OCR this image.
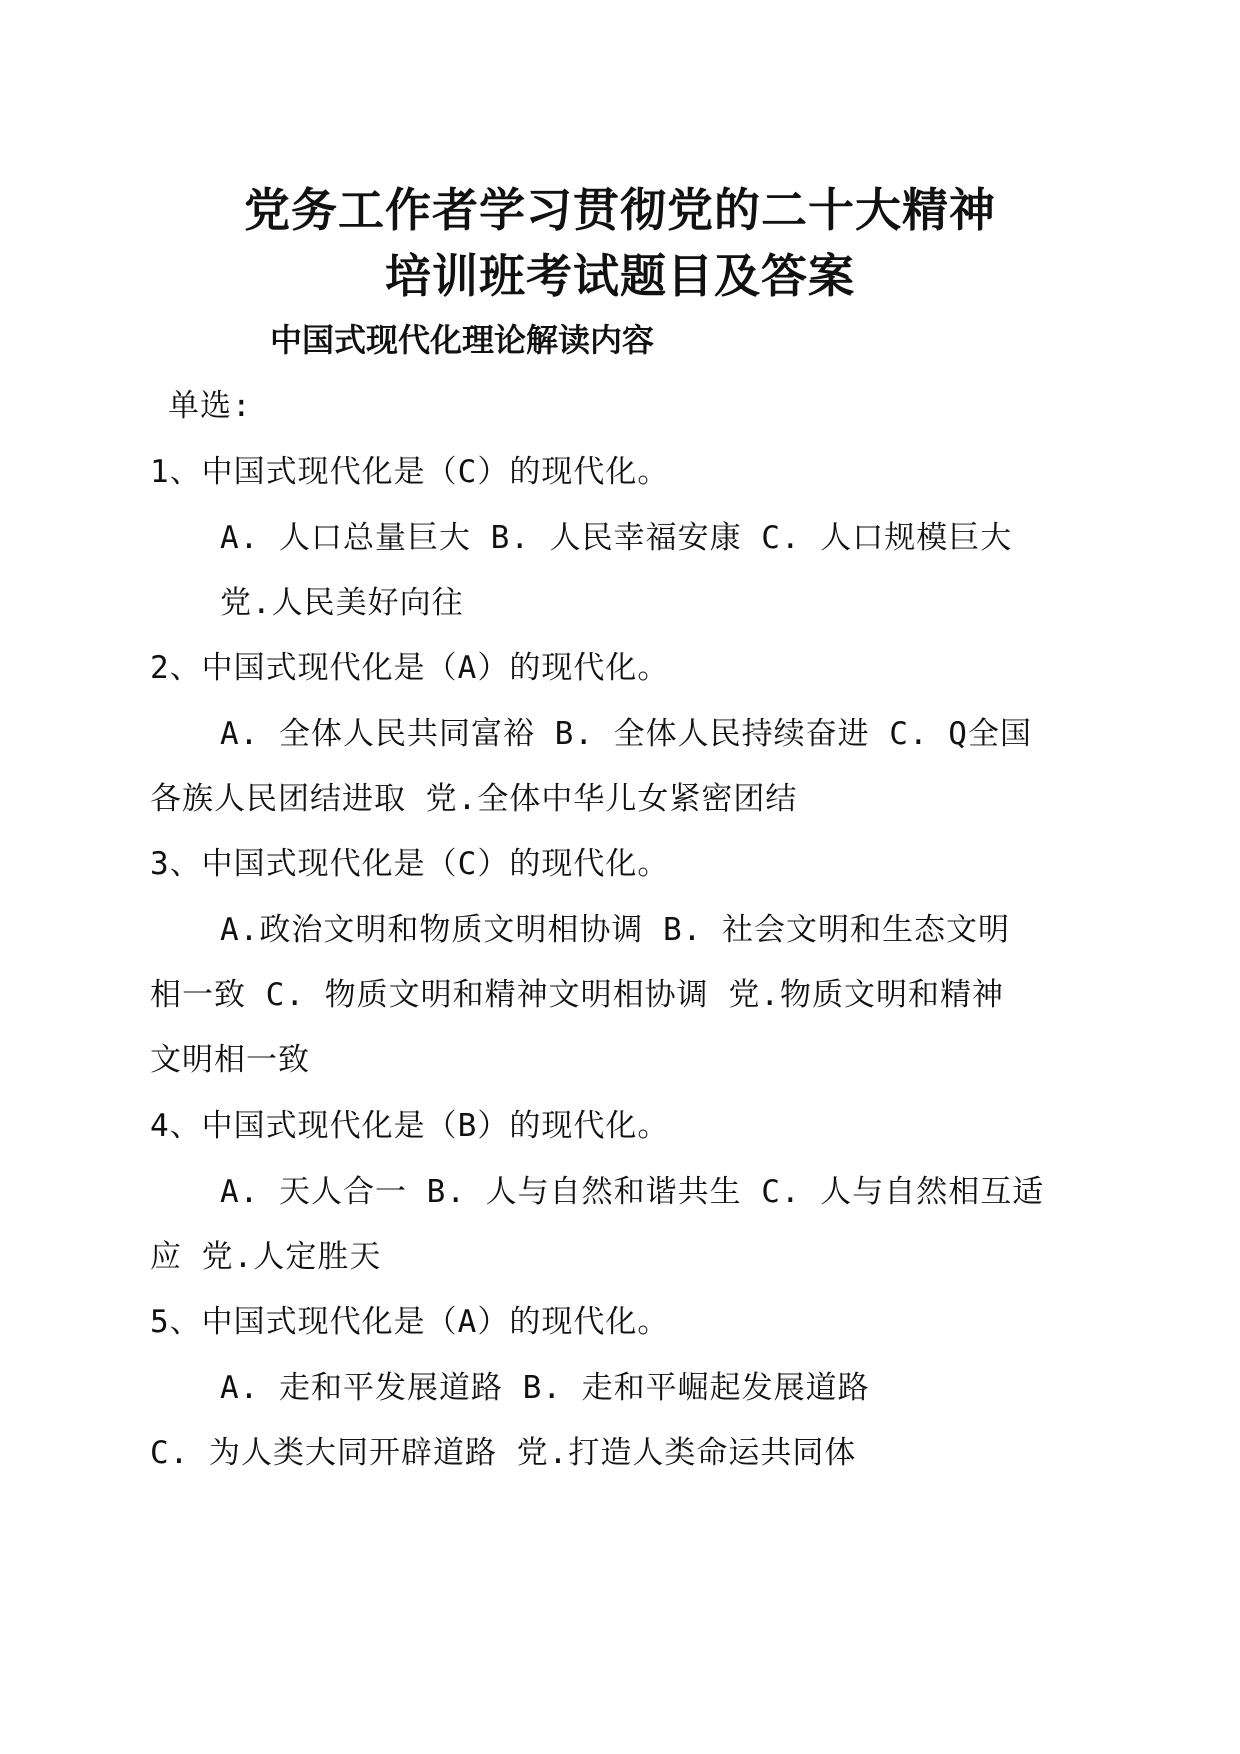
党务工作者学习贯彻党的二十大精神
培训班考试题目及答案
中国式现代化理论解读内容
单选:
1、中国式现代化是（C）的现代化。
A. 人口总量巨大 B. 人民幸福安康 C. 人口规模巨大
党.人民美好向往
2、中国式现代化是（A）的现代化。
A. 全体人民共同富裕 B. 全体人民持续奋进 C. Q全国
各族人民团结进取 党.全体中华儿女紧密团结
3、中国式现代化是（C）的现代化。
A.政治文明和物质文明相协调 B. 社会文明和生态文明
相一致 C. 物质文明和精神文明相协调 党.物质文明和精神
文明相一致
4、中国式现代化是（B）的现代化。
A. 天人合一 B. 人与自然和谐共生 C. 人与自然相互适
应 党.人定胜天
5、中国式现代化是（A）的现代化。
A. 走和平发展道路 B. 走和平崛起发展道路
C. 为人类大同开辟道路 党.打造人类命运共同体
